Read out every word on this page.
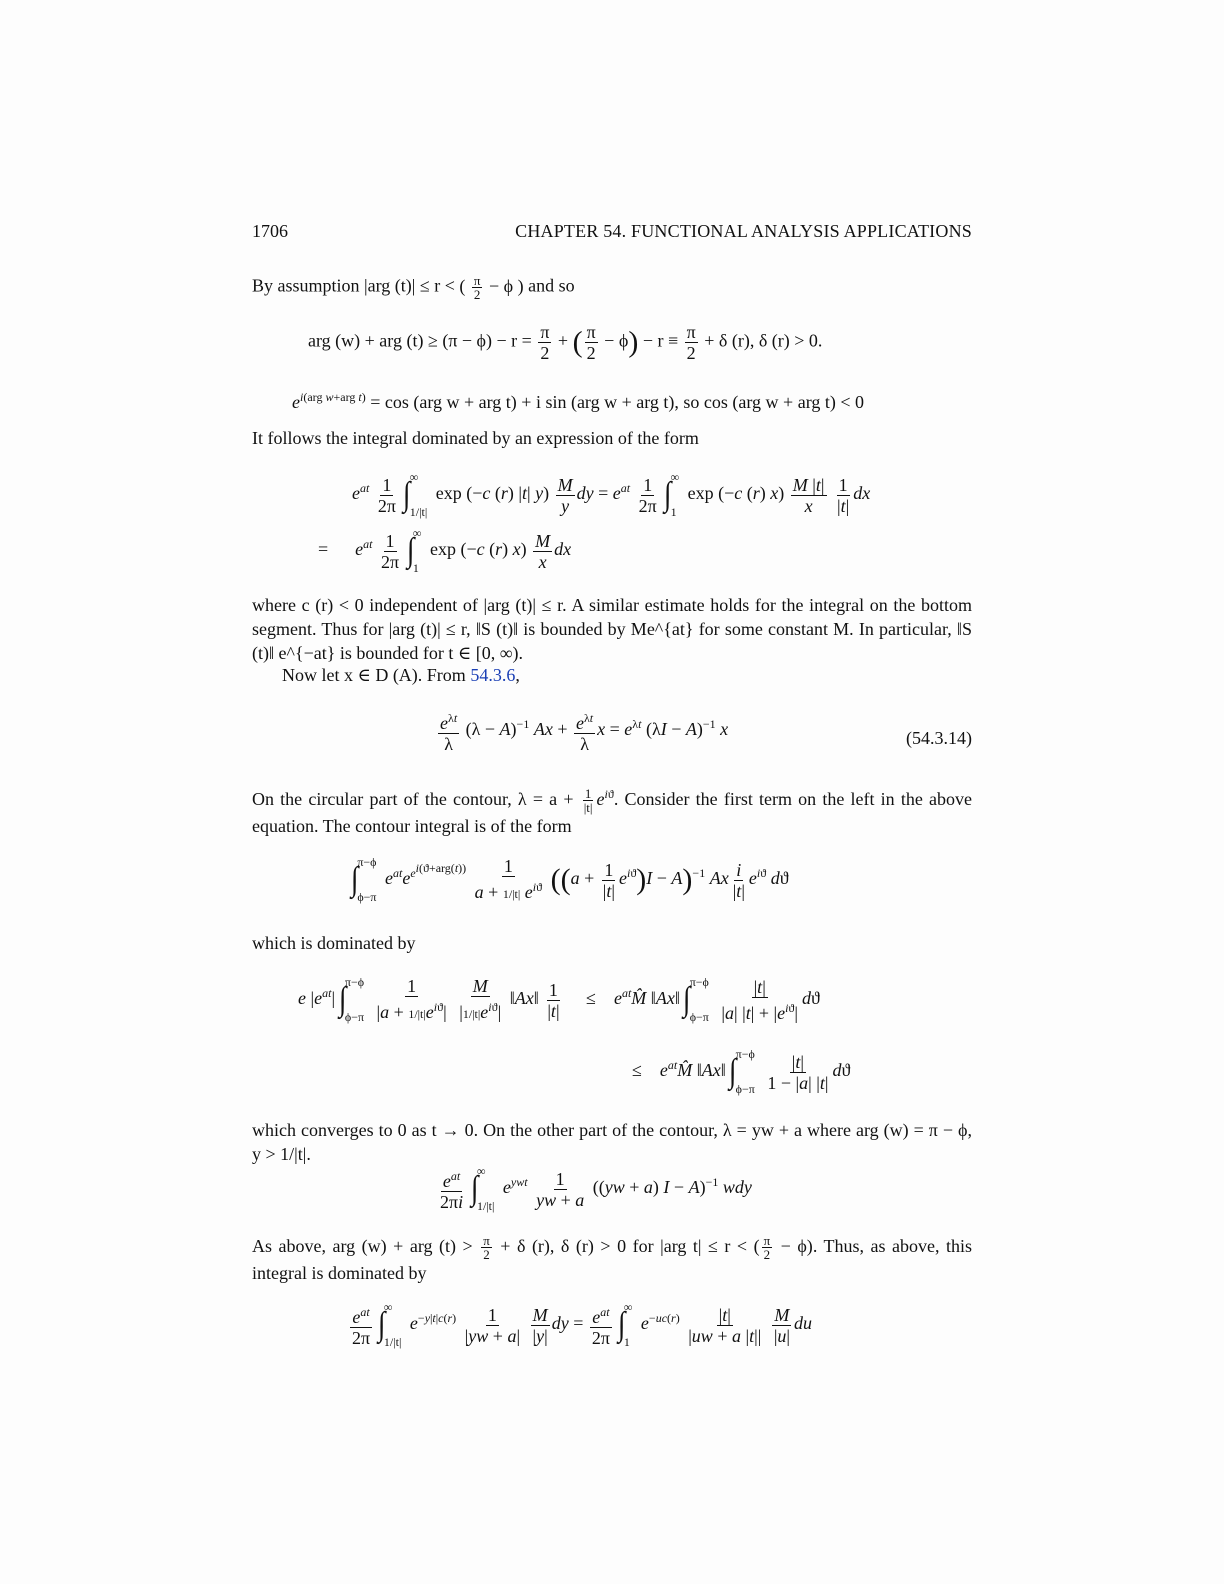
1706	CHAPTER 54. FUNCTIONAL ANALYSIS APPLICATIONS
By assumption |arg (t)| ≤ r < ( $\frac{\pi}{2} - \phi$ ) and so
arg (w) + arg $(t) \ge (\pi - \phi) - r = \frac{\pi}{2}$ + ( $\frac{\pi}{2} - \phi) - r \equiv \frac{\pi}{2} + \delta$ (r), δ (r) > 0.
$e^{i(arg w+arg t)} = \cos (arg$ w + arg t) + i sin (arg w + arg t), so cos (arg w + arg t) < 0
It follows the integral dominated by an expression of the form
$e^{at} \frac{1}{2\pi}$ ∫
∞
1/|t|
exp (−c (r) |t| $y) \frac{M}{y}$ dy = $e^{at} \frac{1}{2\pi}$ ∫
∞
1
exp (−c (r) $x) \frac{M |t|}{x}$
$\frac{1}{|t|}$ dx
=      $e^{at} \frac{1}{2\pi}$ ∫
∞
1
exp (−c (r) $x) \frac{M}{x}$ dx
where c (r) < 0 independent of |arg (t)| ≤ r. A similar estimate holds for the integral on the bottom segment. Thus for |arg (t)| ≤ r, ‖S (t)‖ is bounded by Me^{at} for some constant M. In particular, ‖S (t)‖ e^{−at} is bounded for t ∈ [0, ∞).
Now let x ∈ D (A). From 54.3.6,
$\frac{e^{\lambda t}}{\lambda} (\lambda - A)^{-1}$ $Ax + \frac{e^{\lambda t}}{\lambda}$ $x = e^{\lambda t}$ $(\lambda I - A)^{-1}$ x	(54.3.14)
On the circular part of the contour, $\lambda = a + \frac{1}{|t|} e^{iϑ}$. Consider the first term on the left in the above equation. The contour integral is of the form
∫
π−ϕ
ϕ−π
$e^{at}e^{e^{i(ϑ+arg(t))}} \frac{1}{a + 1/|t| e^{iϑ}} ((a + \frac{1}{|t|} e^{iϑ})I - A)^{-1}$ Ax $\frac{i}{|t|} e^{iϑ}$ dϑ
which is dominated by
e $|e^{at}|$ ∫
π−ϕ
ϕ−π
$\frac{1}{|a + 1/|t|e^{iϑ}|}$
$\frac{M}{|1/|t|e^{iϑ}|}$ ‖Ax‖ $\frac{1}{|t|}$ ≤    $e^{at}M̂$ ‖Ax‖ ∫
π−ϕ
ϕ−π
$\frac{|t|}{|a| |t| + |e^{iϑ}|}$ dϑ
≤    $e^{at}M̂$ ‖Ax‖ ∫
π−ϕ
ϕ−π
$\frac{|t|}{1 - |a| |t|}$ dϑ
which converges to 0 as t → 0. On the other part of the contour, λ = yw + a where arg (w) = π − ϕ, y > 1/|t|.
$\frac{e^{at}}{2\pi i}$ ∫
∞
1/|t|
$e^{ywt} \frac{1}{yw + a} ((yw + a) I - A)^{-1}$ wdy
As above, arg (w) + arg $(t) > \frac{\pi}{2} + \delta$ (r), δ (r) > 0 for |arg t| ≤ r < ( $\frac{\pi}{2} - \phi$). Thus, as above, this integral is dominated by
$\frac{e^{at}}{2\pi}$ ∫
∞
1/|t|
$e^{-y|t|c(r)} \frac{1}{|yw + a|}$
$\frac{M}{|y|}$ dy = $\frac{e^{at}}{2\pi}$ ∫
∞
1
$e^{-uc(r)} \frac{|t|}{|uw + a |t||}$
$\frac{M}{|u|}$ du
